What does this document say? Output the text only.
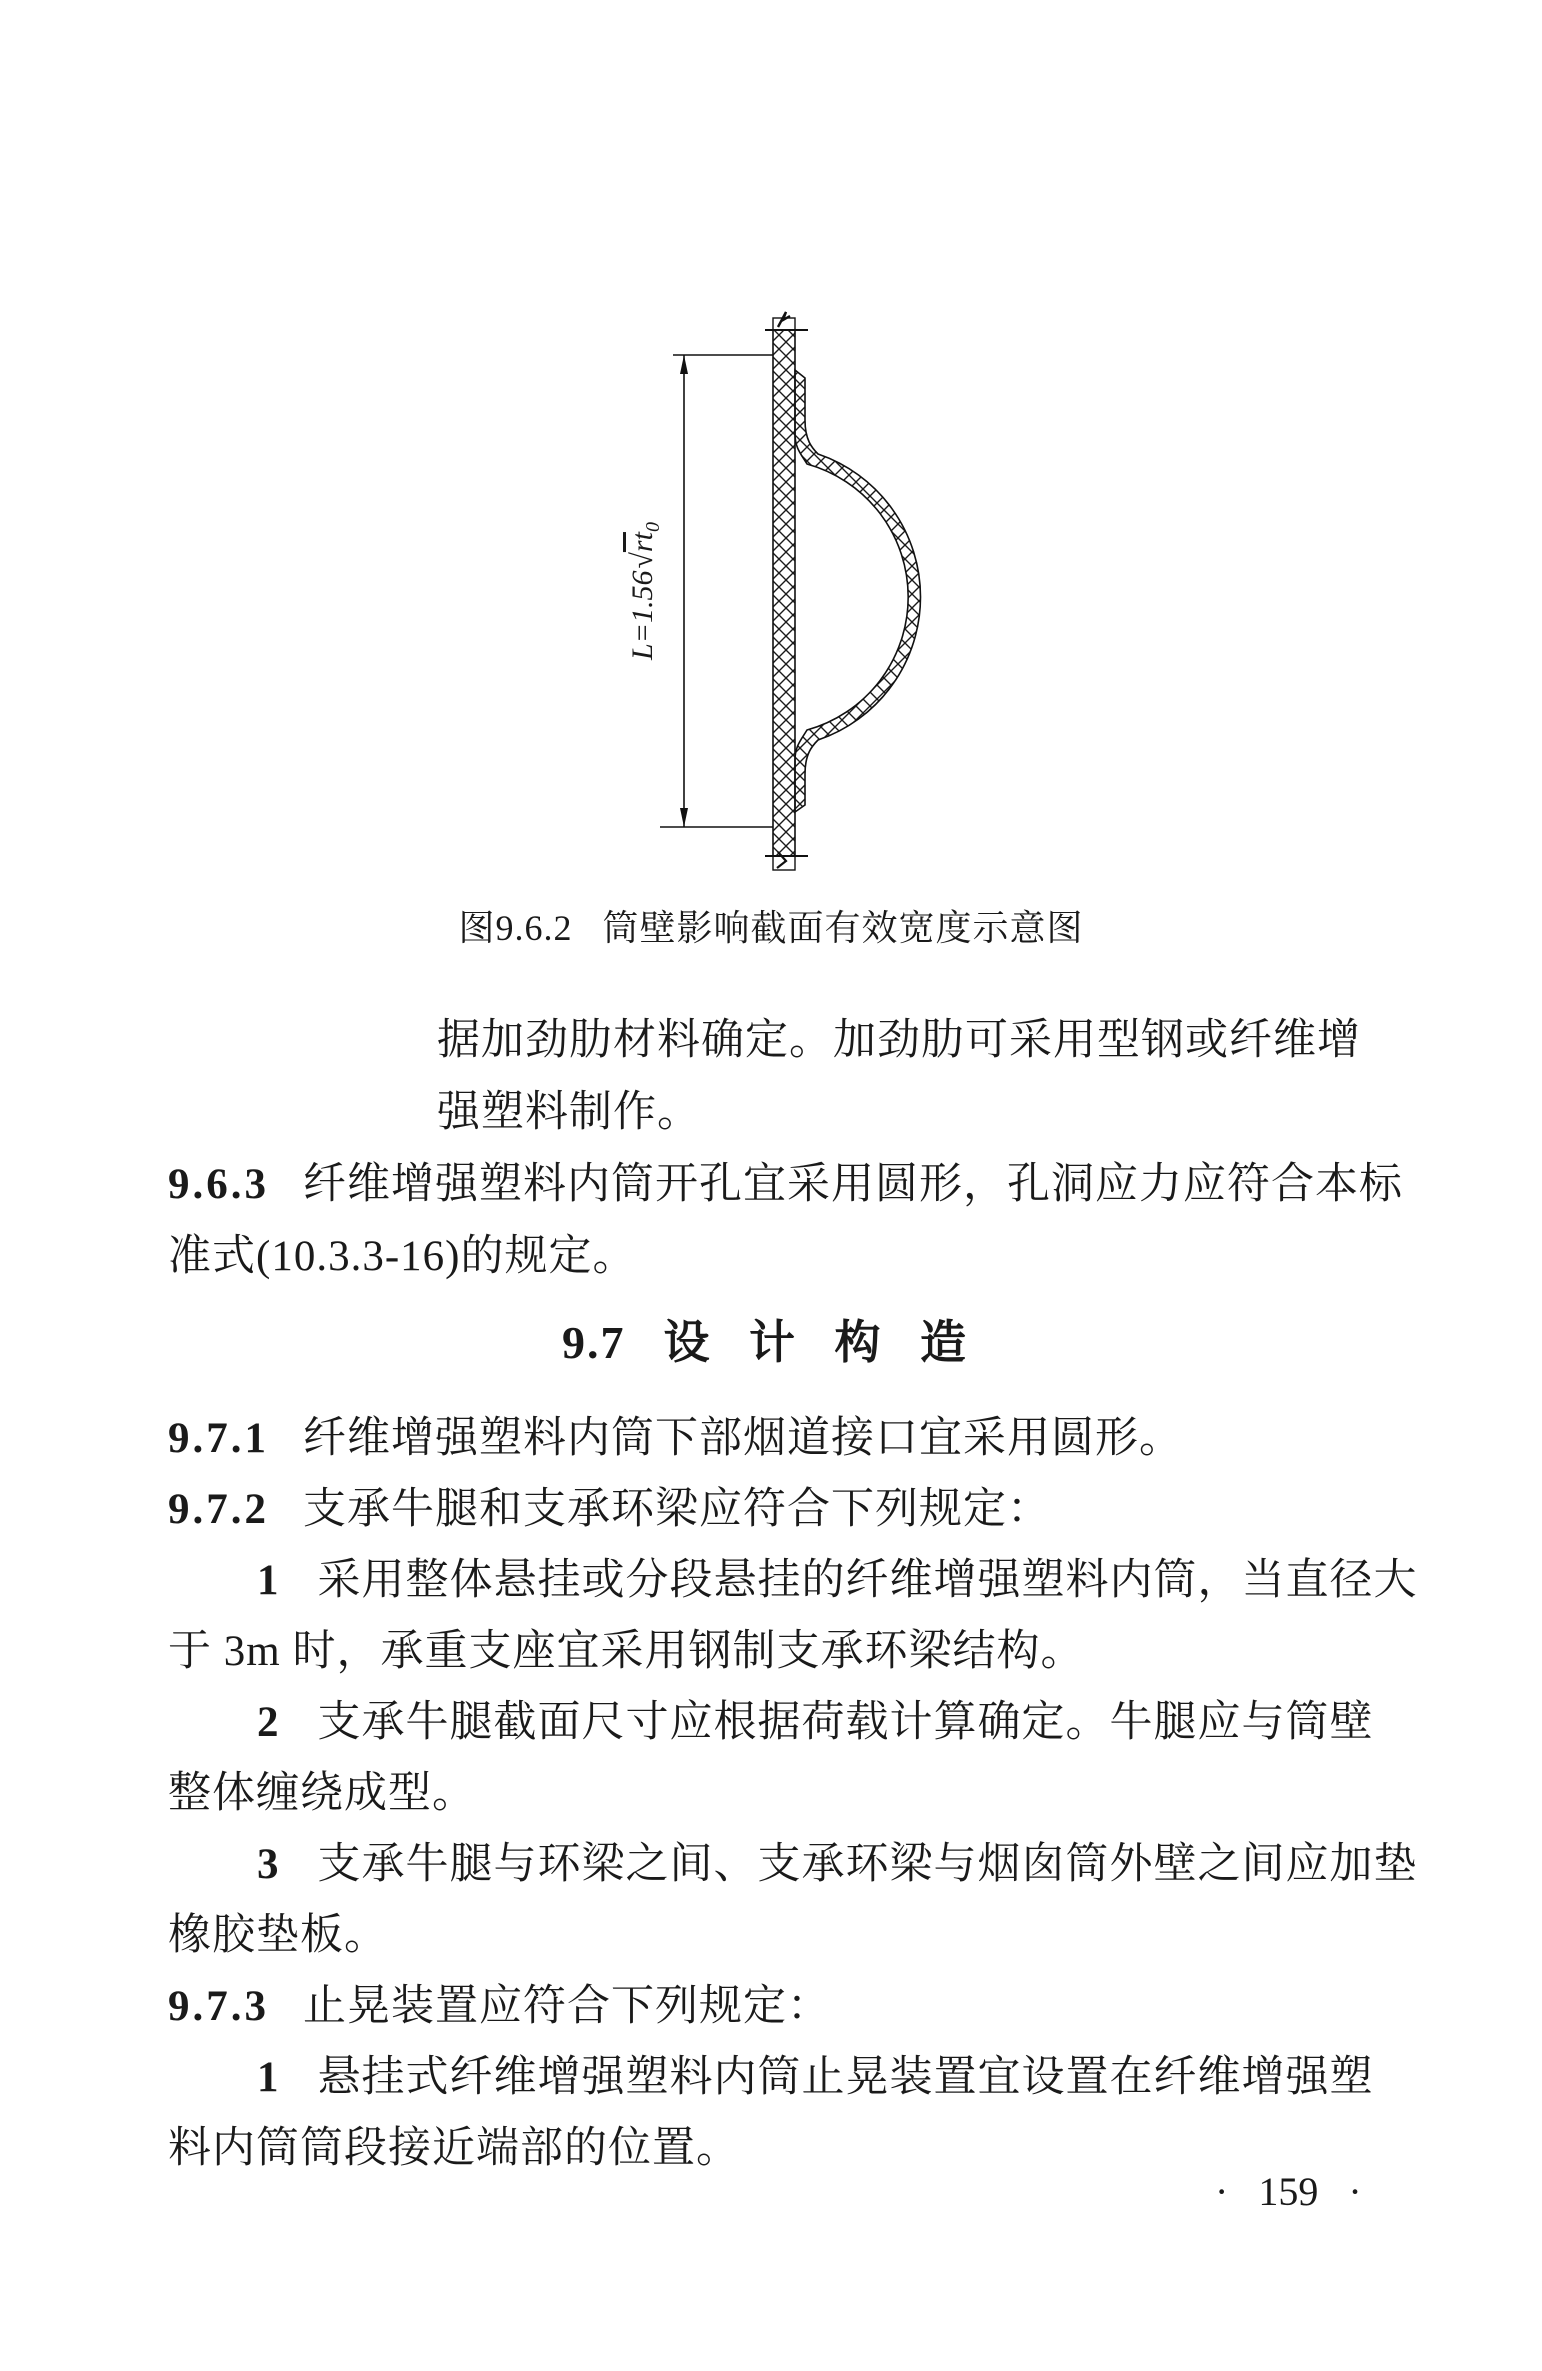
$L=1.56√rt_0$
图9.6.2 筒壁影响截面有效宽度示意图
据加劲肋材料确定。加劲肋可采用型钢或纤维增
强塑料制作。
9.6.3 纤维增强塑料内筒开孔宜采用圆形，孔洞应力应符合本标
准式(10.3.3-16)的规定。
9.7 设 计 构 造
9.7.1 纤维增强塑料内筒下部烟道接口宜采用圆形。
9.7.2 支承牛腿和支承环梁应符合下列规定：
1 采用整体悬挂或分段悬挂的纤维增强塑料内筒，当直径大
于 3m 时，承重支座宜采用钢制支承环梁结构。
2 支承牛腿截面尺寸应根据荷载计算确定。牛腿应与筒壁
整体缠绕成型。
3 支承牛腿与环梁之间、支承环梁与烟囱筒外壁之间应加垫
橡胶垫板。
9.7.3 止晃装置应符合下列规定：
1 悬挂式纤维增强塑料内筒止晃装置宜设置在纤维增强塑
料内筒筒段接近端部的位置。
· 159 ·
